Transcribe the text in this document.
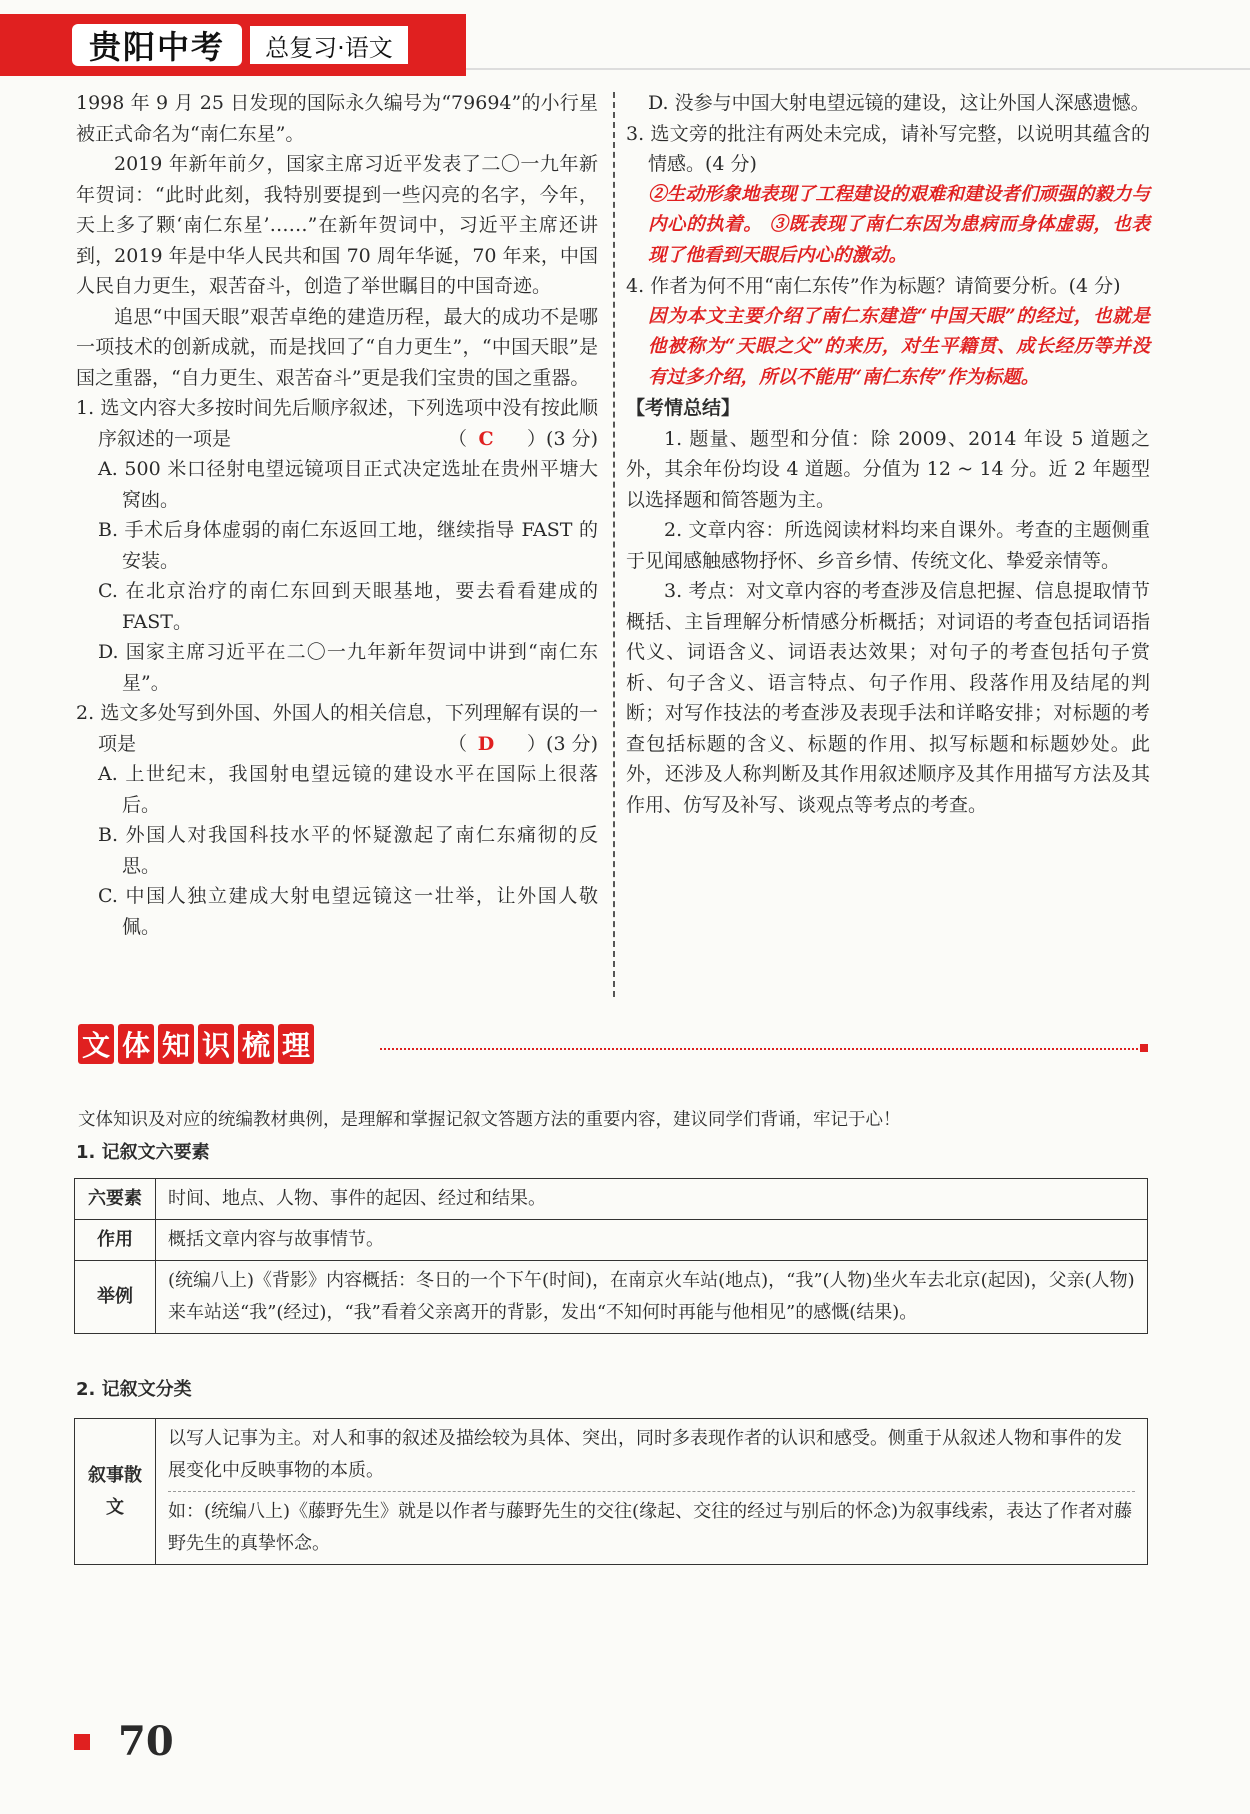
贵阳中考	总复习·语文

1998 年 9 月 25 日发现的国际永久编号为“79694”的小行星被正式命名为“南仁东星”。

2019 年新年前夕，国家主席习近平发表了二〇一九年新年贺词：“此时此刻，我特别要提到一些闪亮的名字，今年，天上多了颗‘南仁东星’……”在新年贺词中，习近平主席还讲到，2019 年是中华人民共和国 70 周年华诞，70 年来，中国人民自力更生，艰苦奋斗，创造了举世瞩目的中国奇迹。

追思“中国天眼”艰苦卓绝的建造历程，最大的成功不是哪一项技术的创新成就，而是找回了“自力更生”，“中国天眼”是国之重器，“自力更生、艰苦奋斗”更是我们宝贵的国之重器。

1. 选文内容大多按时间先后顺序叙述，下列选项中没有按此顺序叙述的一项是	（ C ）(3 分)

A. 500 米口径射电望远镜项目正式决定选址在贵州平塘大窝凼。

B. 手术后身体虚弱的南仁东返回工地，继续指导 FAST 的安装。

C. 在北京治疗的南仁东回到天眼基地，要去看看建成的 FAST。

D. 国家主席习近平在二〇一九年新年贺词中讲到“南仁东星”。

2. 选文多处写到外国、外国人的相关信息，下列理解有误的一项是	（ D ）(3 分)

A. 上世纪末，我国射电望远镜的建设水平在国际上很落后。

B. 外国人对我国科技水平的怀疑激起了南仁东痛彻的反思。

C. 中国人独立建成大射电望远镜这一壮举，让外国人敬佩。

D. 没参与中国大射电望远镜的建设，这让外国人深感遗憾。

3. 选文旁的批注有两处未完成，请补写完整，以说明其蕴含的情感。(4 分)

②生动形象地表现了工程建设的艰难和建设者们顽强的毅力与内心的执着。 ③既表现了南仁东因为患病而身体虚弱，也表现了他看到天眼后内心的激动。

4. 作者为何不用“南仁东传”作为标题？请简要分析。(4 分)

因为本文主要介绍了南仁东建造“中国天眼”的经过，也就是他被称为“天眼之父”的来历，对生平籍贯、成长经历等并没有过多介绍，所以不能用“南仁东传”作为标题。

【考情总结】

1. 题量、题型和分值：除 2009、2014 年设 5 道题之外，其余年份均设 4 道题。分值为 12 ~ 14 分。近 2 年题型以选择题和简答题为主。

2. 文章内容：所选阅读材料均来自课外。考查的主题侧重于见闻感触感物抒怀、乡音乡情、传统文化、挚爱亲情等。

3. 考点：对文章内容的考查涉及信息把握、信息提取情节概括、主旨理解分析情感分析概括；对词语的考查包括词语指代义、词语含义、词语表达效果；对句子的考查包括句子赏析、句子含义、语言特点、句子作用、段落作用及结尾的判断；对写作技法的考查涉及表现手法和详略安排；对标题的考查包括标题的含义、标题的作用、拟写标题和标题妙处。此外，还涉及人称判断及其作用叙述顺序及其作用描写方法及其作用、仿写及补写、谈观点等考点的考查。

文 体 知 识 梳 理
文体知识及对应的统编教材典例，是理解和掌握记叙文答题方法的重要内容，建议同学们背诵，牢记于心！
1. 记叙文六要素
六要素	时间、地点、人物、事件的起因、经过和结果。
作用	概括文章内容与故事情节。
举例	(统编八上)《背影》内容概括：冬日的一个下午(时间)，在南京火车站(地点)，“我”(人物)坐火车去北京(起因)，父亲(人物)来车站送“我”(经过)，“我”看着父亲离开的背影，发出“不知何时再能与他相见”的感慨(结果)。
2. 记叙文分类
叙事散文	
以写人记事为主。对人和事的叙述及描绘较为具体、突出，同时多表现作者的认识和感受。侧重于从叙述人物和事件的发展变化中反映事物的本质。
如：(统编八上)《藤野先生》就是以作者与藤野先生的交往(缘起、交往的经过与别后的怀念)为叙事线索，表达了作者对藤野先生的真挚怀念。
70
